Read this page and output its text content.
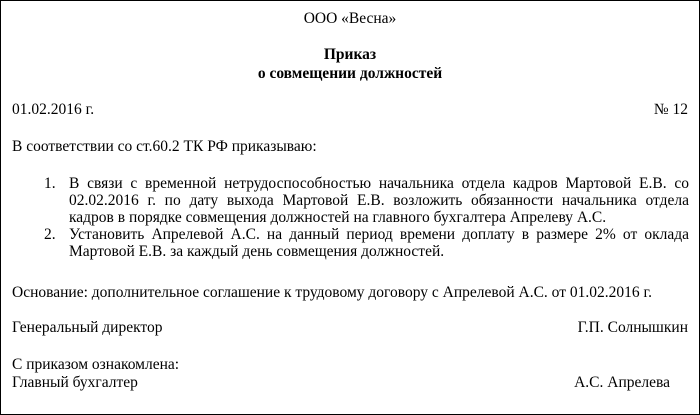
ООО «Весна»
Приказ
о совмещении должностей
01.02.2016 г.	№ 12
В соответствии со ст.60.2 ТК РФ приказываю:
1. В связи с временной нетрудоспособностью начальника отдела кадров Мартовой Е.В. со 02.02.2016 г. по дату выхода Мартовой Е.В. возложить обязанности начальника отдела кадров в порядке совмещения должностей на главного бухгалтера Апрелеву А.С.
2. Установить Апрелевой А.С. на данный период времени доплату в размере 2% от оклада Мартовой Е.В. за каждый день совмещения должностей.
Основание: дополнительное соглашение к трудовому договору с Апрелевой А.С. от 01.02.2016 г.
Генеральный директор	Г.П. Солнышкин
С приказом ознакомлена:
Главный бухгалтер	А.С. Апрелева
